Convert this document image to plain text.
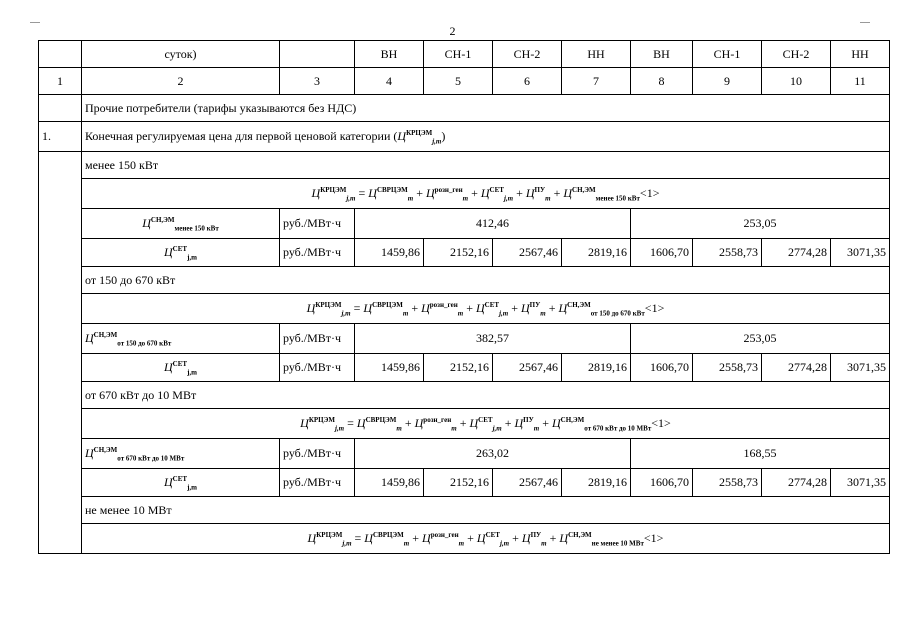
2
	суток)		ВН	СН-1	СН-2	НН	ВН	СН-1	СН-2	НН
1	2	3	4	5	6	7	8	9	10	11
	Прочие потребители (тарифы указываются без НДС)									
1.	Конечная регулируемая цена для первой ценовой категории $(Ц^{КРЦЭМ}_{j,m})$									
	менее 150 кВт									
	$Ц^{КРЦЭМ}_{j,m} = Ц^{СВРЦЭМ}_m + Ц^{розн\_ген}_m + Ц^{СЕТ}_{j,m} + Ц^{ПУ}_m + Ц^{СН,ЭМ}_{менее 150 кВт}<1>$									
	$Ц^{СН,ЭМ}_{менее 150 кВт}$	руб./МВт·ч	412,46				253,05			
	$Ц^{СЕТ}_{j,m}$	руб./МВт·ч	1459,86	2152,16	2567,46	2819,16	1606,70	2558,73	2774,28	3071,35
	от 150 до 670 кВт									
	$Ц^{КРЦЭМ}_{j,m} = Ц^{СВРЦЭМ}_m + Ц^{розн\_ген}_m + Ц^{СЕТ}_{j,m} + Ц^{ПУ}_m + Ц^{СН,ЭМ}_{от 150 до 670 кВт}<1>$									
	$Ц^{СН,ЭМ}_{от 150 до 670 кВт}$	руб./МВт·ч	382,57				253,05			
	$Ц^{СЕТ}_{j,m}$	руб./МВт·ч	1459,86	2152,16	2567,46	2819,16	1606,70	2558,73	2774,28	3071,35
	от 670 кВт до 10 МВт									
	$Ц^{КРЦЭМ}_{j,m} = Ц^{СВРЦЭМ}_m + Ц^{розн\_ген}_m + Ц^{СЕТ}_{j,m} + Ц^{ПУ}_m + Ц^{СН,ЭМ}_{от 670 кВт до 10 МВт}<1>$									
	$Ц^{СН,ЭМ}_{от 670 кВт до 10 МВт}$	руб./МВт·ч	263,02				168,55			
	$Ц^{СЕТ}_{j,m}$	руб./МВт·ч	1459,86	2152,16	2567,46	2819,16	1606,70	2558,73	2774,28	3071,35
	не менее 10 МВт									
	$Ц^{КРЦЭМ}_{j,m} = Ц^{СВРЦЭМ}_m + Ц^{розн\_ген}_m + Ц^{СЕТ}_{j,m} + Ц^{ПУ}_m + Ц^{СН,ЭМ}_{не менее 10 МВт}<1>$									
